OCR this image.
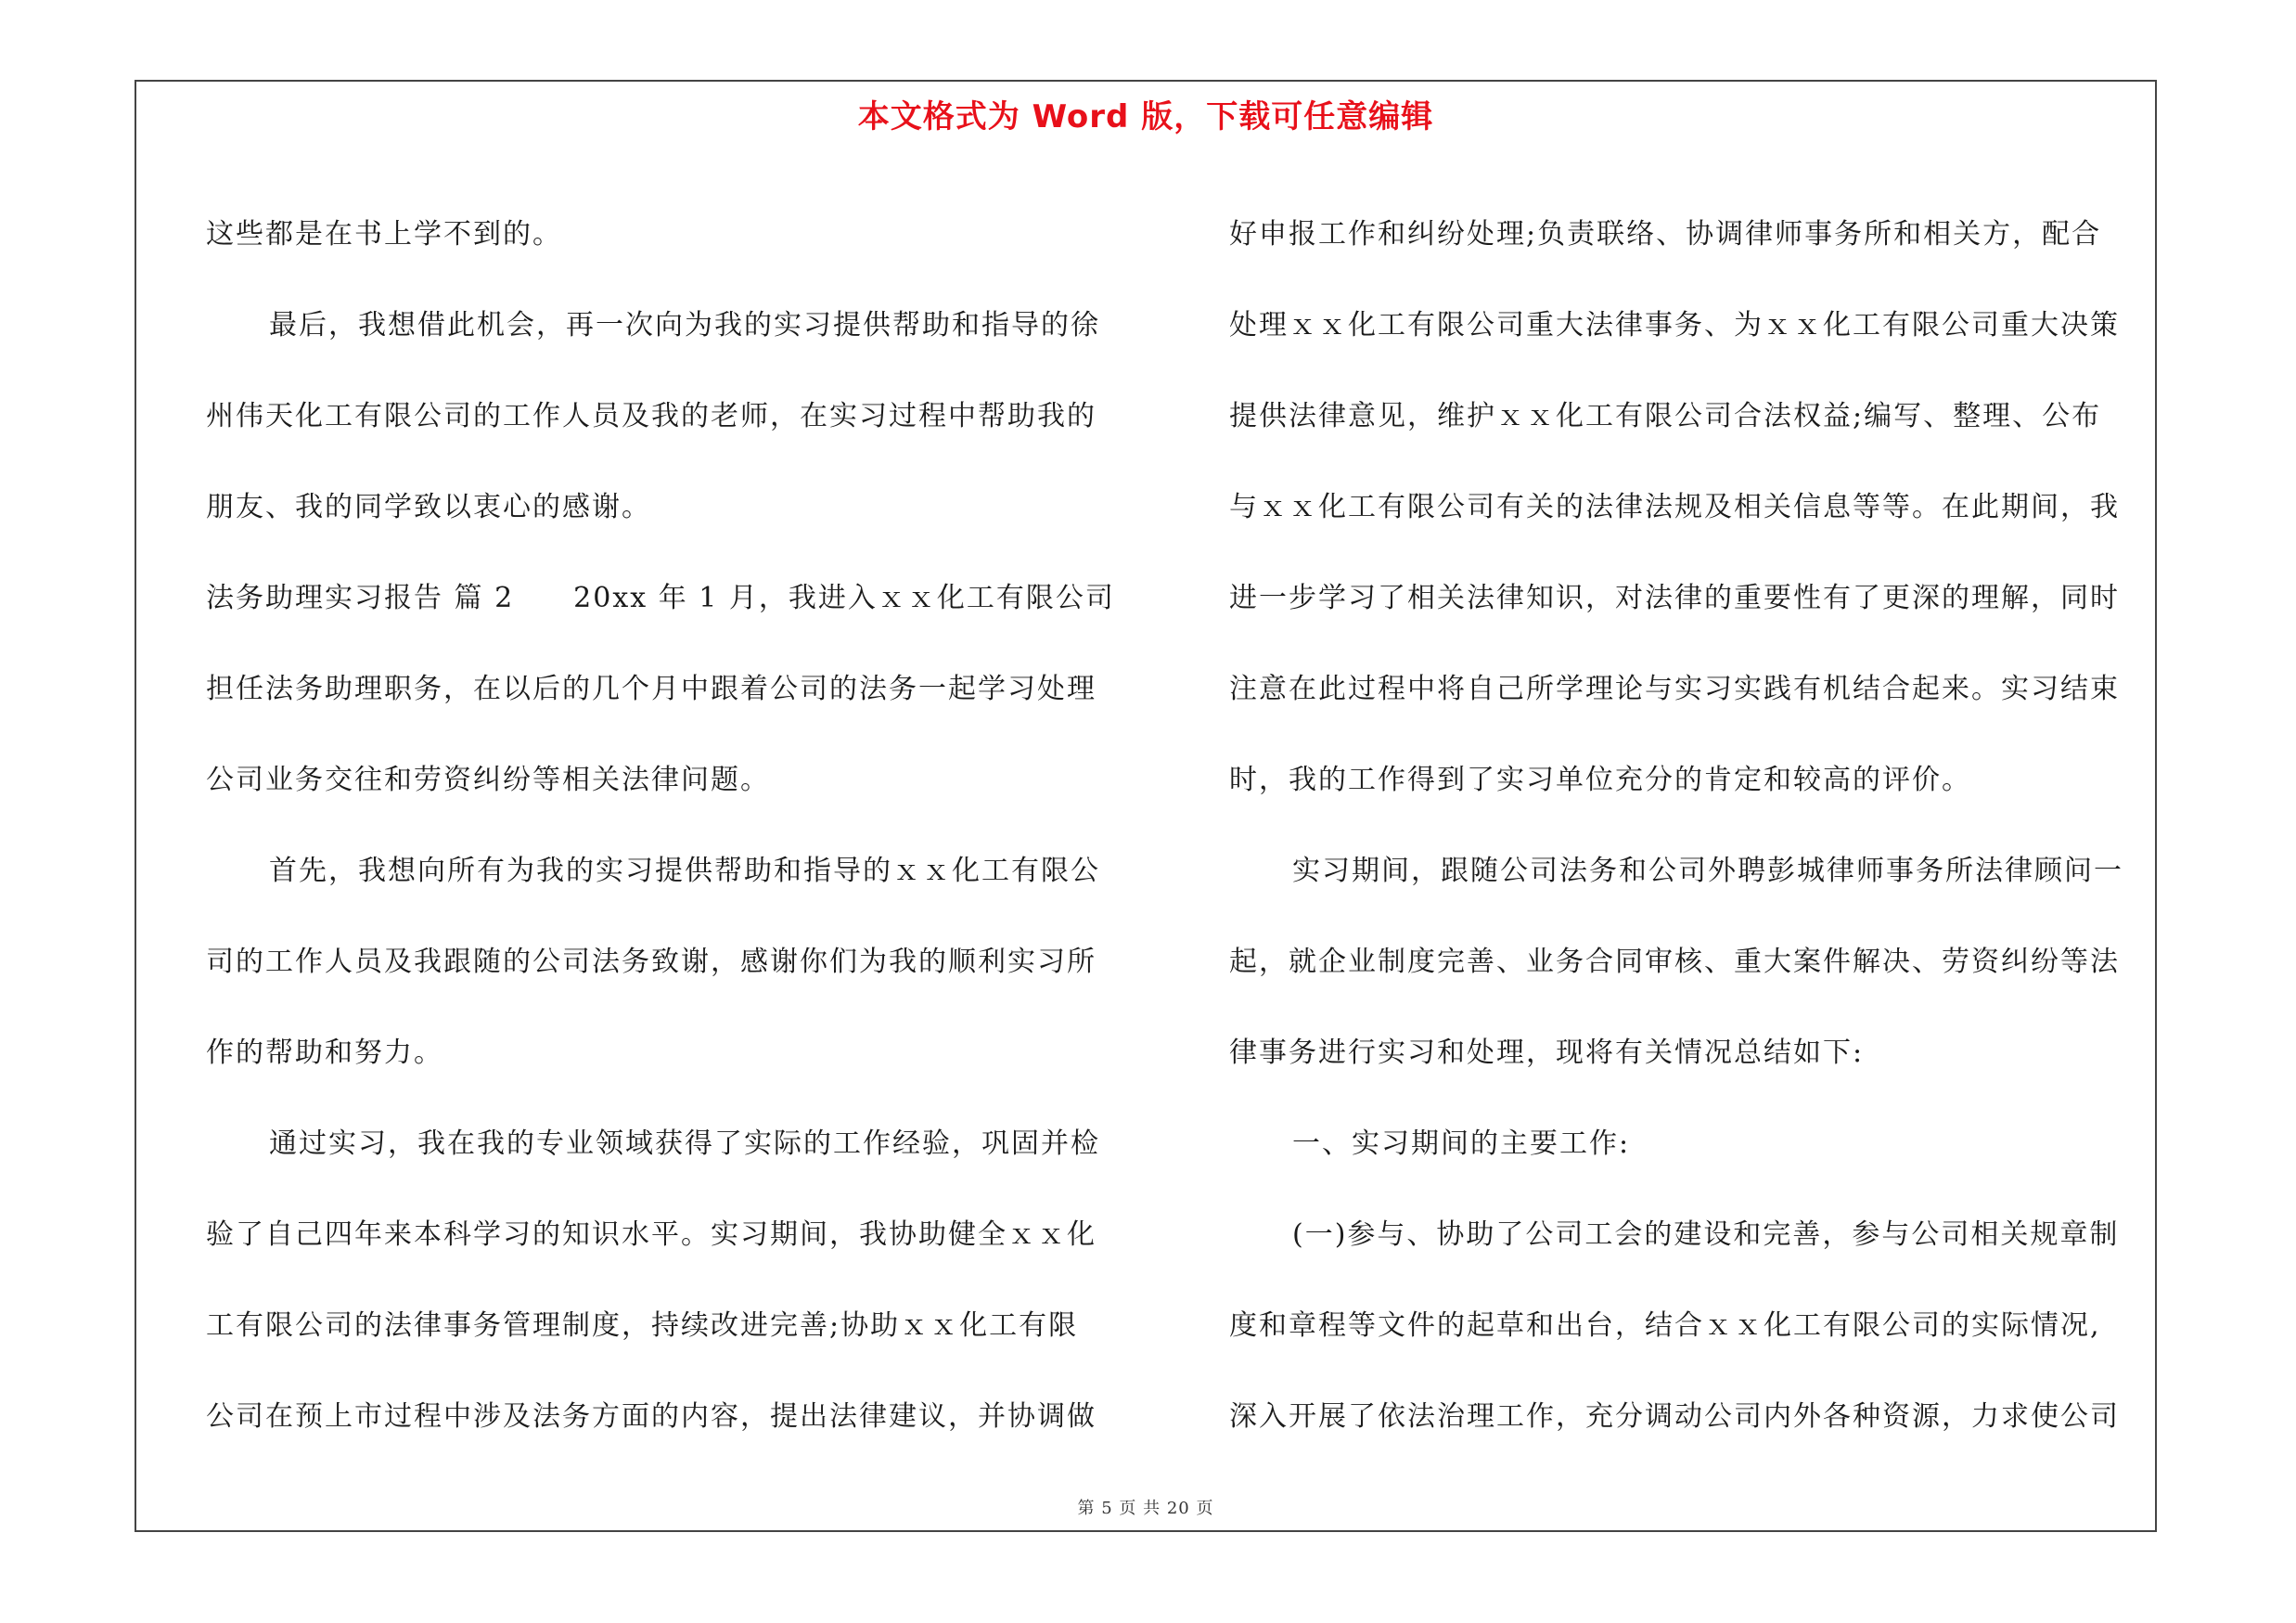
本文格式为 Word 版，下载可任意编辑
这些都是在书上学不到的。
最后，我想借此机会，再一次向为我的实习提供帮助和指导的徐
州伟天化工有限公司的工作人员及我的老师，在实习过程中帮助我的
朋友、我的同学致以衷心的感谢。
法务助理实习报告 篇 2　　20xx 年 1 月，我进入ｘｘ化工有限公司
担任法务助理职务，在以后的几个月中跟着公司的法务一起学习处理
公司业务交往和劳资纠纷等相关法律问题。
首先，我想向所有为我的实习提供帮助和指导的ｘｘ化工有限公
司的工作人员及我跟随的公司法务致谢，感谢你们为我的顺利实习所
作的帮助和努力。
通过实习，我在我的专业领域获得了实际的工作经验，巩固并检
验了自己四年来本科学习的知识水平。实习期间，我协助健全ｘｘ化
工有限公司的法律事务管理制度，持续改进完善;协助ｘｘ化工有限
公司在预上市过程中涉及法务方面的内容，提出法律建议，并协调做
好申报工作和纠纷处理;负责联络、协调律师事务所和相关方，配合
处理ｘｘ化工有限公司重大法律事务、为ｘｘ化工有限公司重大决策
提供法律意见，维护ｘｘ化工有限公司合法权益;编写、整理、公布
与ｘｘ化工有限公司有关的法律法规及相关信息等等。在此期间，我
进一步学习了相关法律知识，对法律的重要性有了更深的理解，同时
注意在此过程中将自己所学理论与实习实践有机结合起来。实习结束
时，我的工作得到了实习单位充分的肯定和较高的评价。
实习期间，跟随公司法务和公司外聘彭城律师事务所法律顾问一
起，就企业制度完善、业务合同审核、重大案件解决、劳资纠纷等法
律事务进行实习和处理，现将有关情况总结如下:
一、实习期间的主要工作:
(一)参与、协助了公司工会的建设和完善，参与公司相关规章制
度和章程等文件的起草和出台，结合ｘｘ化工有限公司的实际情况,
深入开展了依法治理工作，充分调动公司内外各种资源，力求使公司
第 5 页 共 20 页
